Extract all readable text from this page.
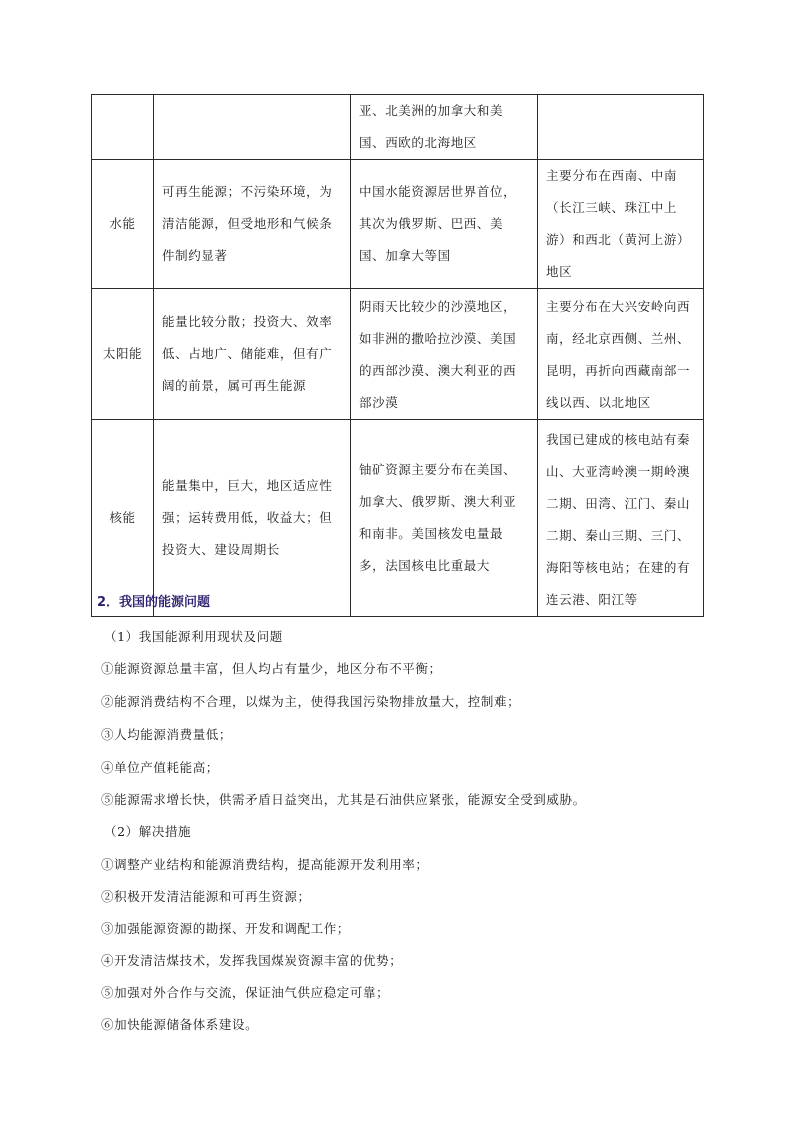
		亚、北美洲的加拿大和美国、西欧的北海地区	

水能	可再生能源；不污染环境，为清洁能源，但受地形和气候条件制约显著	中国水能资源居世界首位，其次为俄罗斯、巴西、美国、加拿大等国	主要分布在西南、中南（长江三峡、珠江中上游）和西北（黄河上游）地区

太阳能	能量比较分散；投资大、效率低、占地广、储能难，但有广阔的前景，属可再生能源	阴雨天比较少的沙漠地区，如非洲的撒哈拉沙漠、美国的西部沙漠、澳大利亚的西部沙漠	主要分布在大兴安岭向西南，经北京西侧、兰州、昆明，再折向西藏南部一线以西、以北地区

核能	能量集中，巨大，地区适应性强；运转费用低，收益大；但投资大、建设周期长	铀矿资源主要分布在美国、加拿大、俄罗斯、澳大利亚和南非。美国核发电量最多，法国核电比重最大	我国已建成的核电站有秦山、大亚湾岭澳一期岭澳二期、田湾、江门、秦山二期、秦山三期、三门、海阳等核电站；在建的有连云港、阳江等
2．我国的能源问题

（1）我国能源利用现状及问题

①能源资源总量丰富，但人均占有量少，地区分布不平衡；

②能源消费结构不合理，以煤为主，使得我国污染物排放量大，控制难；

③人均能源消费量低；

④单位产值耗能高；

⑤能源需求增长快，供需矛盾日益突出，尤其是石油供应紧张，能源安全受到威胁。

（2）解决措施

①调整产业结构和能源消费结构，提高能源开发利用率；

②积极开发清洁能源和可再生资源；

③加强能源资源的勘探、开发和调配工作；

④开发清洁煤技术，发挥我国煤炭资源丰富的优势；

⑤加强对外合作与交流，保证油气供应稳定可靠；

⑥加快能源储备体系建设。
